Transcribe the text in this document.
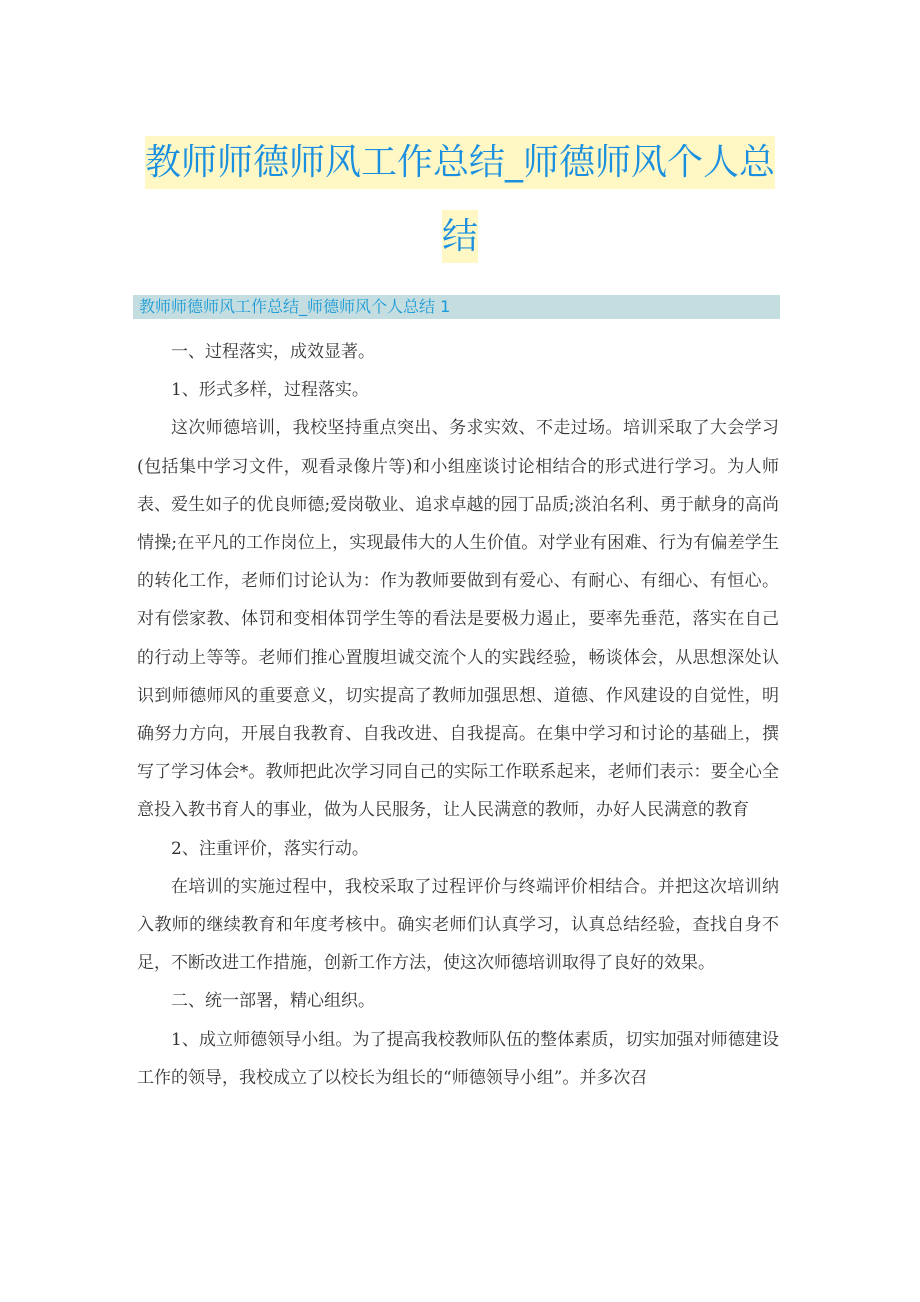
教师师德师风工作总结_师德师风个人总结
教师师德师风工作总结_师德师风个人总结 1

一、过程落实，成效显著。

1、形式多样，过程落实。

这次师德培训，我校坚持重点突出、务求实效、不走过场。培训采取了大会学习(包括集中学习文件，观看录像片等)和小组座谈讨论相结合的形式进行学习。为人师表、爱生如子的优良师德;爱岗敬业、追求卓越的园丁品质;淡泊名利、勇于献身的高尚情操;在平凡的工作岗位上，实现最伟大的人生价值。对学业有困难、行为有偏差学生的转化工作，老师们讨论认为：作为教师要做到有爱心、有耐心、有细心、有恒心。对有偿家教、体罚和变相体罚学生等的看法是要极力遏止，要率先垂范，落实在自己的行动上等等。老师们推心置腹坦诚交流个人的实践经验，畅谈体会，从思想深处认识到师德师风的重要意义，切实提高了教师加强思想、道德、作风建设的自觉性，明确努力方向，开展自我教育、自我改进、自我提高。在集中学习和讨论的基础上，撰写了学习体会*。教师把此次学习同自己的实际工作联系起来，老师们表示：要全心全意投入教书育人的事业，做为人民服务，让人民满意的教师，办好人民满意的教育

2、注重评价，落实行动。

在培训的实施过程中，我校采取了过程评价与终端评价相结合。并把这次培训纳入教师的继续教育和年度考核中。确实老师们认真学习，认真总结经验，查找自身不足，不断改进工作措施，创新工作方法，使这次师德培训取得了良好的效果。

二、统一部署，精心组织。

1、成立师德领导小组。为了提高我校教师队伍的整体素质，切实加强对师德建设工作的领导，我校成立了以校长为组长的“师德领导小组”。并多次召
